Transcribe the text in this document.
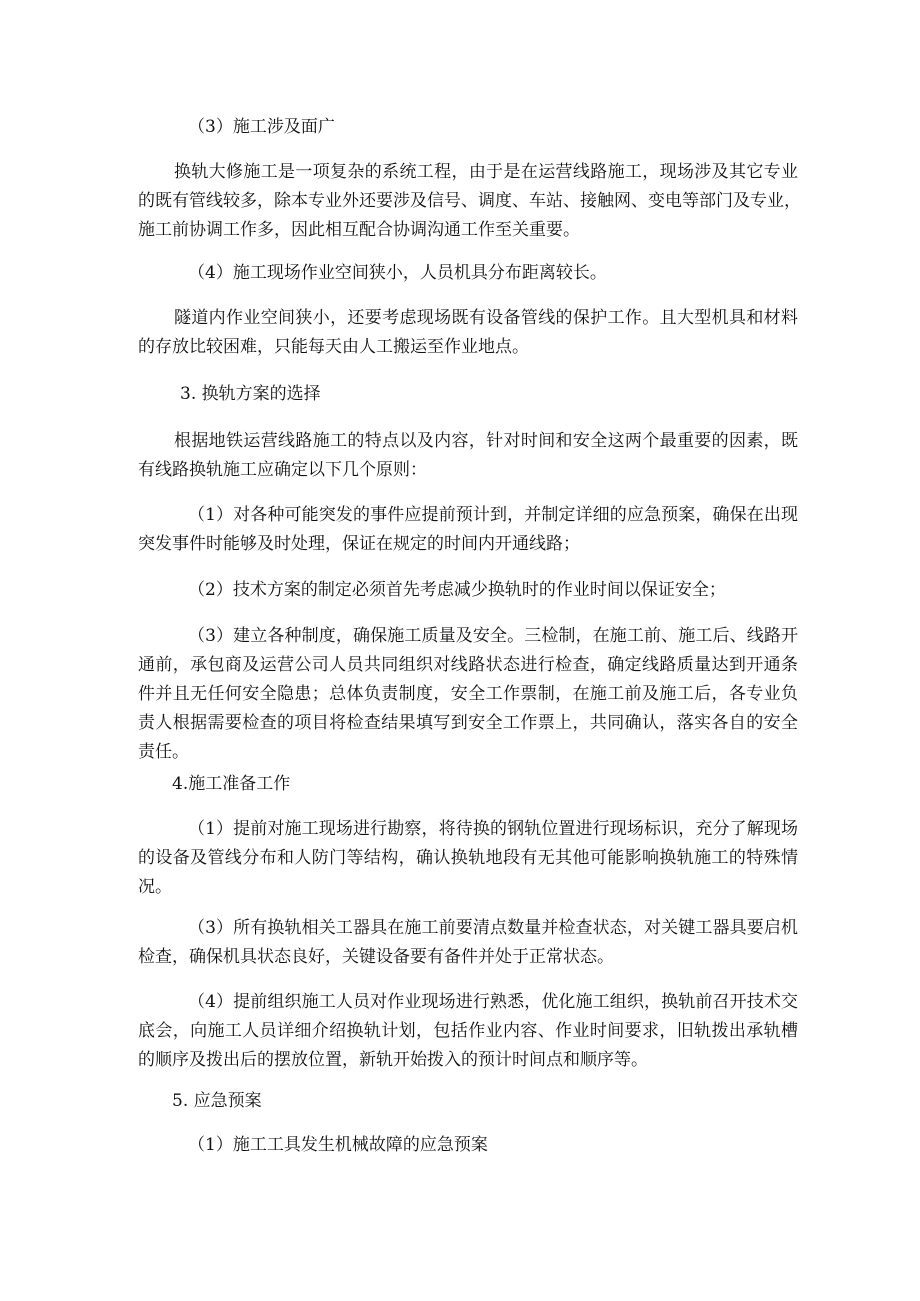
（3）施工涉及面广

换轨大修施工是一项复杂的系统工程，由于是在运营线路施工，现场涉及其它专业
的既有管线较多，除本专业外还要涉及信号、调度、车站、接触网、变电等部门及专业，
施工前协调工作多，因此相互配合协调沟通工作至关重要。

（4）施工现场作业空间狭小，人员机具分布距离较长。

隧道内作业空间狭小，还要考虑现场既有设备管线的保护工作。且大型机具和材料
的存放比较困难，只能每天由人工搬运至作业地点。

3. 换轨方案的选择

根据地铁运营线路施工的特点以及内容，针对时间和安全这两个最重要的因素，既
有线路换轨施工应确定以下几个原则：
（1）对各种可能突发的事件应提前预计到，并制定详细的应急预案，确保在出现
突发事件时能够及时处理，保证在规定的时间内开通线路；

（2）技术方案的制定必须首先考虑减少换轨时的作业时间以保证安全；

（3）建立各种制度，确保施工质量及安全。三检制，在施工前、施工后、线路开
通前，承包商及运营公司人员共同组织对线路状态进行检查，确定线路质量达到开通条
件并且无任何安全隐患；总体负责制度，安全工作票制，在施工前及施工后，各专业负
责人根据需要检查的项目将检查结果填写到安全工作票上，共同确认，落实各自的安全
责任。

4.施工准备工作

（1）提前对施工现场进行勘察，将待换的钢轨位置进行现场标识，充分了解现场
的设备及管线分布和人防门等结构，确认换轨地段有无其他可能影响换轨施工的特殊情
况。
（3）所有换轨相关工器具在施工前要清点数量并检查状态，对关键工器具要启机
检查，确保机具状态良好，关键设备要有备件并处于正常状态。
（4）提前组织施工人员对作业现场进行熟悉，优化施工组织，换轨前召开技术交
底会，向施工人员详细介绍换轨计划，包括作业内容、作业时间要求，旧轨拨出承轨槽
的顺序及拨出后的摆放位置，新轨开始拨入的预计时间点和顺序等。

5. 应急预案

（1）施工工具发生机械故障的应急预案
